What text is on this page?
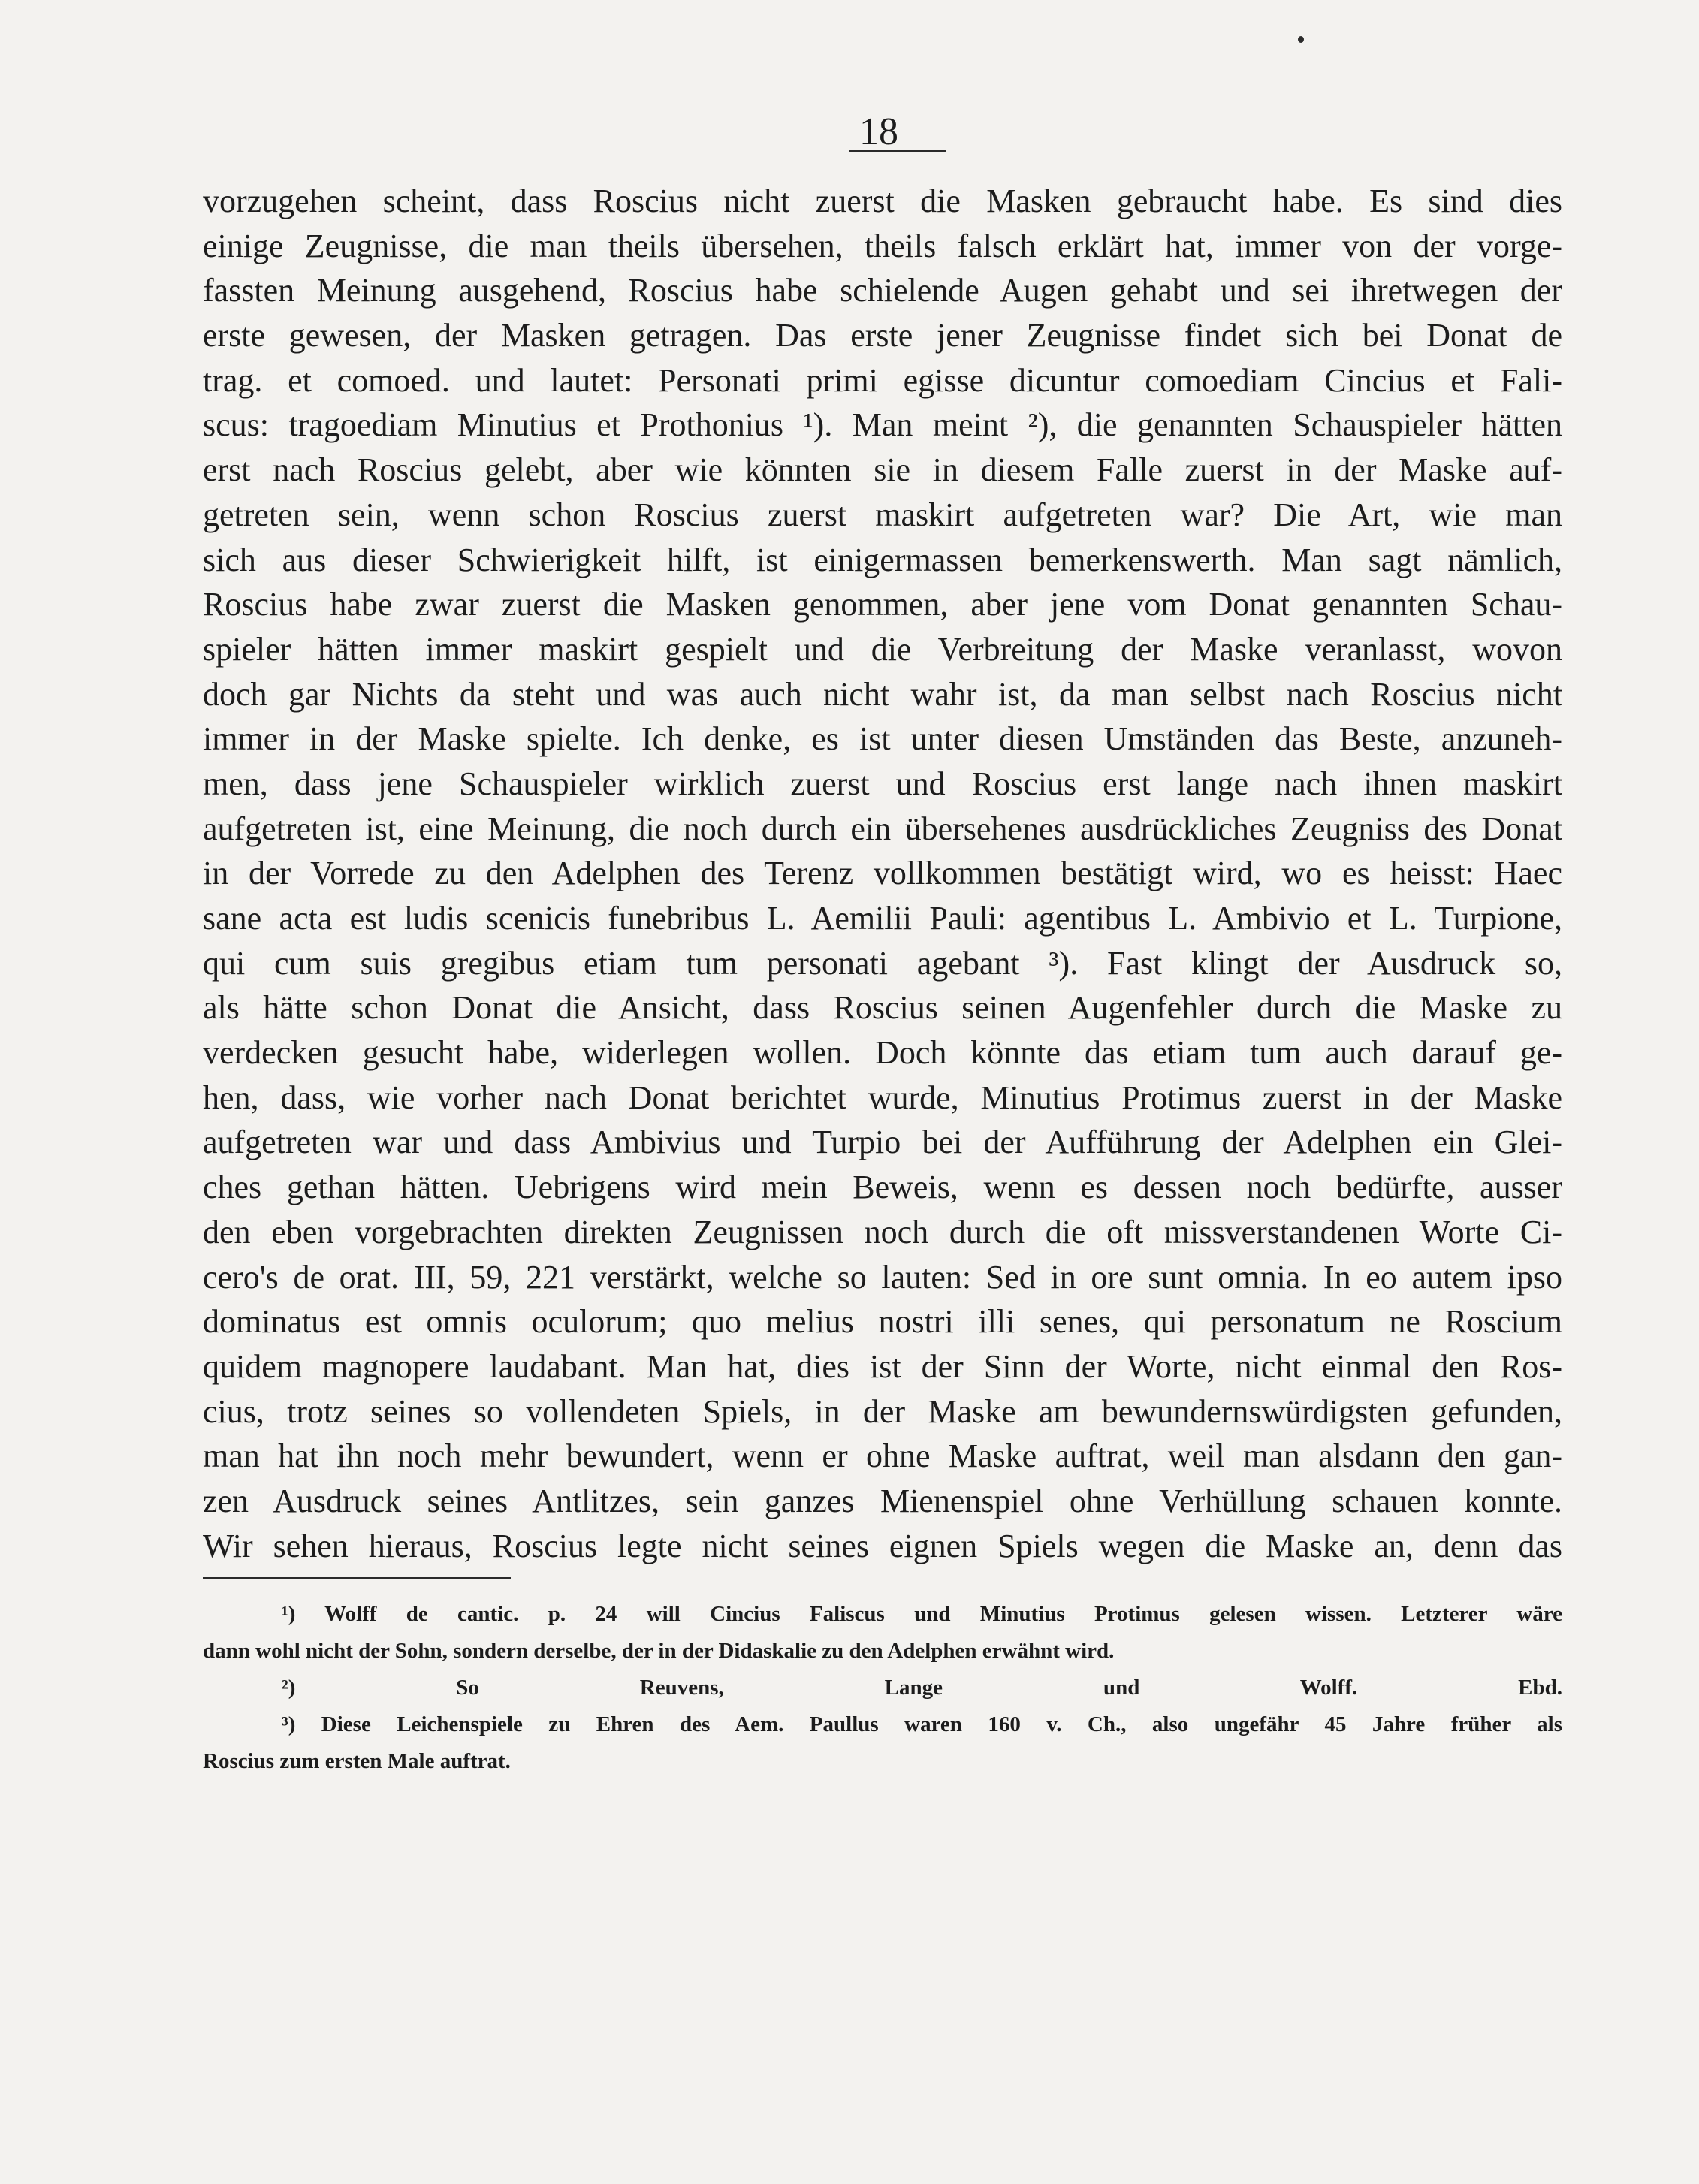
18
vorzugehen scheint, dass Roscius nicht zuerst die Masken gebraucht habe. Es sind dies
einige Zeugnisse, die man theils übersehen, theils falsch erklärt hat, immer von der vorge-
fassten Meinung ausgehend, Roscius habe schielende Augen gehabt und sei ihretwegen der
erste gewesen, der Masken getragen. Das erste jener Zeugnisse findet sich bei Donat de
trag. et comoed. und lautet: Personati primi egisse dicuntur comoediam Cincius et Fali-
scus: tragoediam Minutius et Prothonius ¹). Man meint ²), die genannten Schauspieler hätten
erst nach Roscius gelebt, aber wie könnten sie in diesem Falle zuerst in der Maske auf-
getreten sein, wenn schon Roscius zuerst maskirt aufgetreten war? Die Art, wie man
sich aus dieser Schwierigkeit hilft, ist einigermassen bemerkenswerth. Man sagt nämlich,
Roscius habe zwar zuerst die Masken genommen, aber jene vom Donat genannten Schau-
spieler hätten immer maskirt gespielt und die Verbreitung der Maske veranlasst, wovon
doch gar Nichts da steht und was auch nicht wahr ist, da man selbst nach Roscius nicht
immer in der Maske spielte. Ich denke, es ist unter diesen Umständen das Beste, anzuneh-
men, dass jene Schauspieler wirklich zuerst und Roscius erst lange nach ihnen maskirt
aufgetreten ist, eine Meinung, die noch durch ein übersehenes ausdrückliches Zeugniss des Donat
in der Vorrede zu den Adelphen des Terenz vollkommen bestätigt wird, wo es heisst: Haec
sane acta est ludis scenicis funebribus L. Aemilii Pauli: agentibus L. Ambivio et L. Turpione,
qui cum suis gregibus etiam tum personati agebant ³). Fast klingt der Ausdruck so,
als hätte schon Donat die Ansicht, dass Roscius seinen Augenfehler durch die Maske zu
verdecken gesucht habe, widerlegen wollen. Doch könnte das etiam tum auch darauf ge-
hen, dass, wie vorher nach Donat berichtet wurde, Minutius Protimus zuerst in der Maske
aufgetreten war und dass Ambivius und Turpio bei der Aufführung der Adelphen ein Glei-
ches gethan hätten. Uebrigens wird mein Beweis, wenn es dessen noch bedürfte, ausser
den eben vorgebrachten direkten Zeugnissen noch durch die oft missverstandenen Worte Ci-
cero's de orat. III, 59, 221 verstärkt, welche so lauten: Sed in ore sunt omnia. In eo autem ipso
dominatus est omnis oculorum; quo melius nostri illi senes, qui personatum ne Roscium
quidem magnopere laudabant. Man hat, dies ist der Sinn der Worte, nicht einmal den Ros-
cius, trotz seines so vollendeten Spiels, in der Maske am bewundernswürdigsten gefunden,
man hat ihn noch mehr bewundert, wenn er ohne Maske auftrat, weil man alsdann den gan-
zen Ausdruck seines Antlitzes, sein ganzes Mienenspiel ohne Verhüllung schauen konnte.
Wir sehen hieraus, Roscius legte nicht seines eignen Spiels wegen die Maske an, denn das
¹) Wolff de cantic. p. 24 will Cincius Faliscus und Minutius Protimus gelesen wissen. Letzterer wäre
dann wohl nicht der Sohn, sondern derselbe, der in der Didaskalie zu den Adelphen erwähnt wird.
²) So Reuvens, Lange und Wolff. Ebd.
³) Diese Leichenspiele zu Ehren des Aem. Paullus waren 160 v. Ch., also ungefähr 45 Jahre früher als
Roscius zum ersten Male auftrat.
